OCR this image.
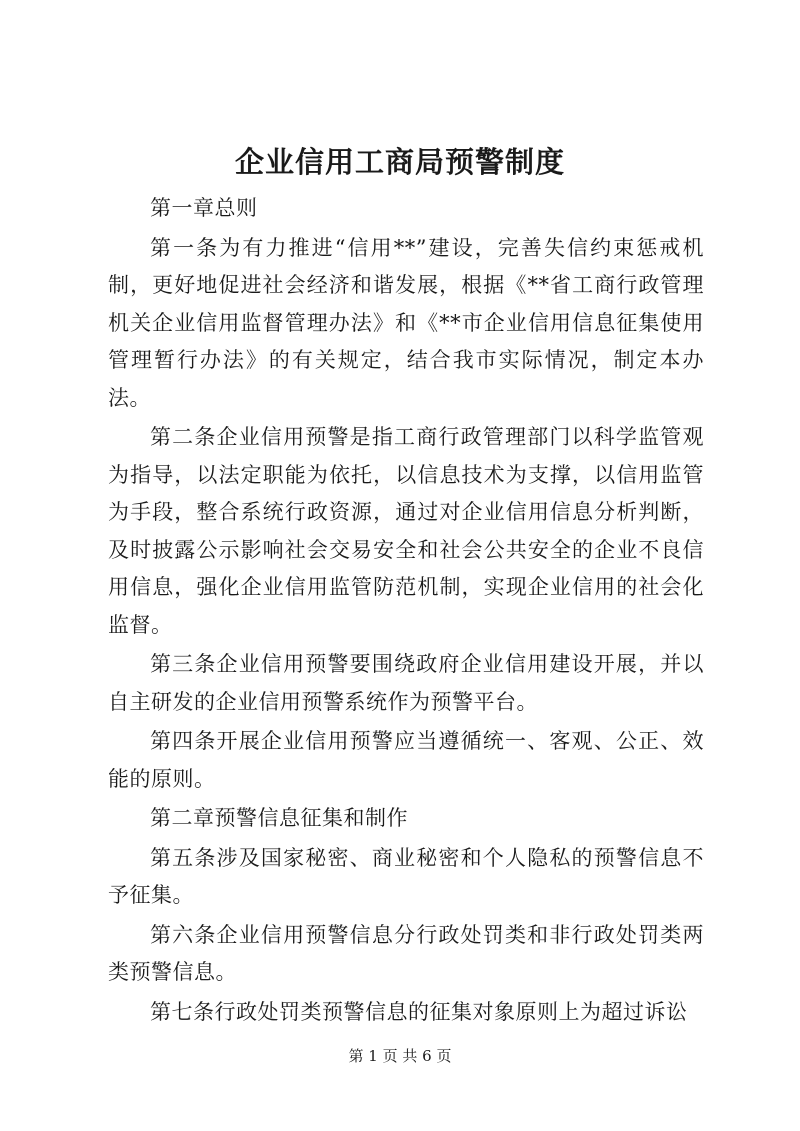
企业信用工商局预警制度

第一章总则

第一条为有力推进“信用**”建设，完善失信约束惩戒机制，更好地促进社会经济和谐发展，根据《**省工商行政管理机关企业信用监督管理办法》和《**市企业信用信息征集使用管理暂行办法》的有关规定，结合我市实际情况，制定本办法。

第二条企业信用预警是指工商行政管理部门以科学监管观为指导，以法定职能为依托，以信息技术为支撑，以信用监管为手段，整合系统行政资源，通过对企业信用信息分析判断，及时披露公示影响社会交易安全和社会公共安全的企业不良信用信息，强化企业信用监管防范机制，实现企业信用的社会化监督。

第三条企业信用预警要围绕政府企业信用建设开展，并以自主研发的企业信用预警系统作为预警平台。

第四条开展企业信用预警应当遵循统一、客观、公正、效能的原则。

第二章预警信息征集和制作

第五条涉及国家秘密、商业秘密和个人隐私的预警信息不予征集。

第六条企业信用预警信息分行政处罚类和非行政处罚类两类预警信息。

第七条行政处罚类预警信息的征集对象原则上为超过诉讼

第 1 页 共 6 页
